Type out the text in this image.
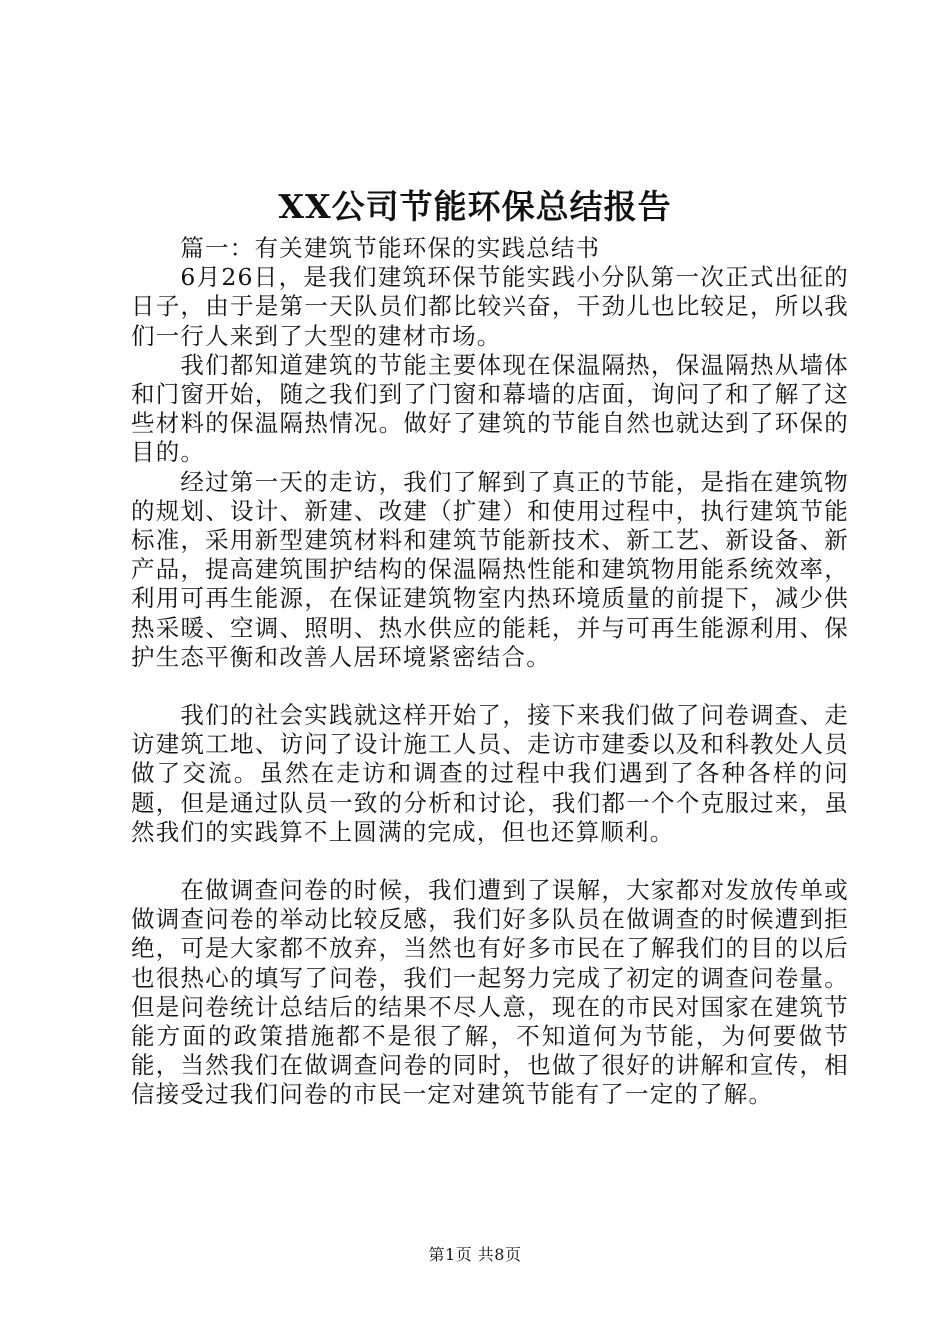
XX公司节能环保总结报告

篇一：有关建筑节能环保的实践总结书

6月26日，是我们建筑环保节能实践小分队第一次正式出征的日子，由于是第一天队员们都比较兴奋，干劲儿也比较足，所以我们一行人来到了大型的建材市场。

我们都知道建筑的节能主要体现在保温隔热，保温隔热从墙体和门窗开始，随之我们到了门窗和幕墙的店面，询问了和了解了这些材料的保温隔热情况。做好了建筑的节能自然也就达到了环保的目的。

经过第一天的走访，我们了解到了真正的节能，是指在建筑物的规划、设计、新建、改建（扩建）和使用过程中，执行建筑节能标准，采用新型建筑材料和建筑节能新技术、新工艺、新设备、新产品，提高建筑围护结构的保温隔热性能和建筑物用能系统效率，利用可再生能源，在保证建筑物室内热环境质量的前提下，减少供热采暖、空调、照明、热水供应的能耗，并与可再生能源利用、保护生态平衡和改善人居环境紧密结合。

我们的社会实践就这样开始了，接下来我们做了问卷调查、走访建筑工地、访问了设计施工人员、走访市建委以及和科教处人员做了交流。虽然在走访和调查的过程中我们遇到了各种各样的问题，但是通过队员一致的分析和讨论，我们都一个个克服过来，虽然我们的实践算不上圆满的完成，但也还算顺利。

在做调查问卷的时候，我们遭到了误解，大家都对发放传单或做调查问卷的举动比较反感，我们好多队员在做调查的时候遭到拒绝，可是大家都不放弃，当然也有好多市民在了解我们的目的以后也很热心的填写了问卷，我们一起努力完成了初定的调查问卷量。但是问卷统计总结后的结果不尽人意，现在的市民对国家在建筑节能方面的政策措施都不是很了解，不知道何为节能，为何要做节能，当然我们在做调查问卷的同时，也做了很好的讲解和宣传，相信接受过我们问卷的市民一定对建筑节能有了一定的了解。

第1页 共8页
